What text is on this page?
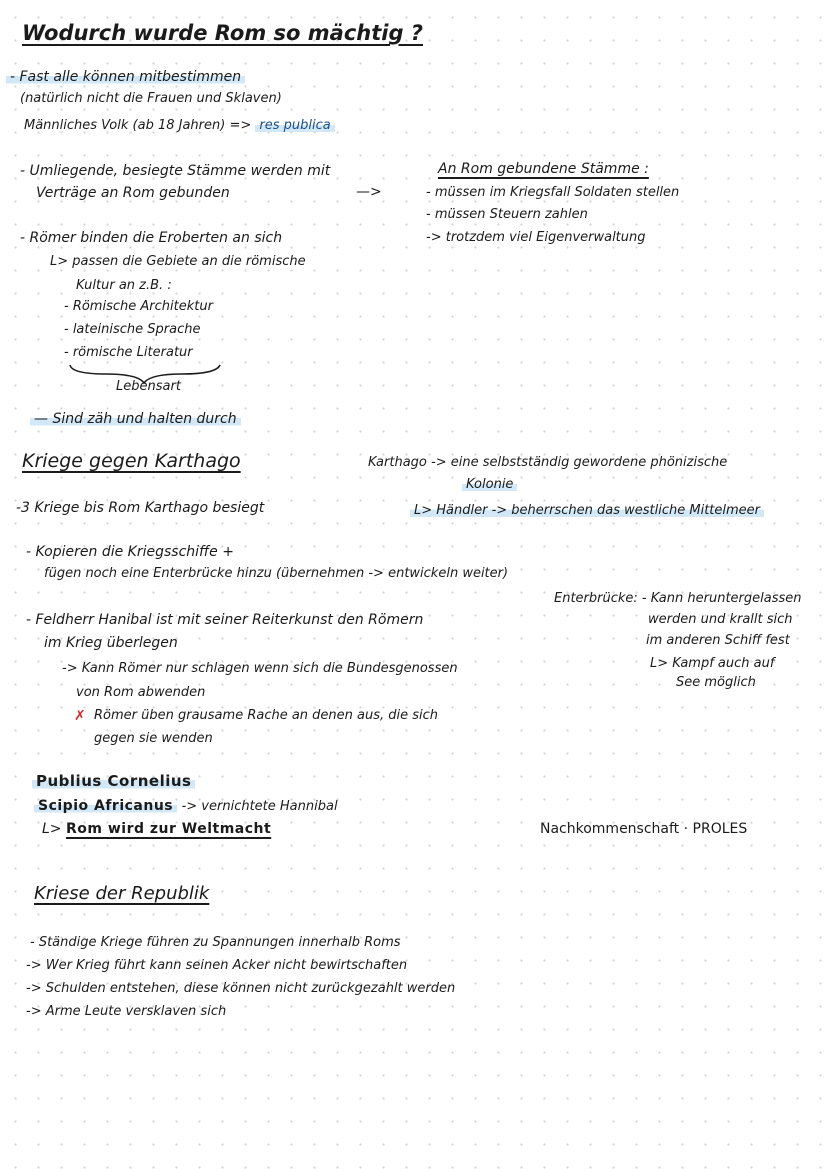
Wodurch wurde Rom so mächtig ?
- Fast alle können mitbestimmen
(natürlich nicht die Frauen und Sklaven)
Männliches Volk (ab 18 Jahren) => res publica
- Umliegende, besiegte Stämme werden mit
Verträge an Rom gebunden	—>
An Rom gebundene Stämme :
- müssen im Kriegsfall Soldaten stellen
- müssen Steuern zahlen
-> trotzdem viel Eigenverwaltung
- Römer binden die Eroberten an sich
L> passen die Gebiete an die römische
Kultur an z.B. :
- Römische Architektur
- lateinische Sprache
- römische Literatur
Lebensart
— Sind zäh und halten durch
Kriege gegen Karthago	Karthago -> eine selbstständig gewordene phönizische
Kolonie
L> Händler -> beherrschen das westliche Mittelmeer
-3 Kriege bis Rom Karthago besiegt
- Kopieren die Kriegsschiffe +
fügen noch eine Enterbrücke hinzu (übernehmen -> entwickeln weiter)
Enterbrücke: - Kann heruntergelassen
werden und krallt sich
im anderen Schiff fest
L> Kampf auch auf
See möglich
- Feldherr Hanibal ist mit seiner Reiterkunst den Römern
im Krieg überlegen
-> Kann Römer nur schlagen wenn sich die Bundesgenossen
von Rom abwenden
✗ Römer üben grausame Rache an denen aus, die sich
gegen sie wenden
Publius Cornelius
Scipio Africanus -> vernichtete Hannibal
L> Rom wird zur Weltmacht	Nachkommenschaft · PROLES
Kriese der Republik
- Ständige Kriege führen zu Spannungen innerhalb Roms
-> Wer Krieg führt kann seinen Acker nicht bewirtschaften
-> Schulden entstehen, diese können nicht zurückgezahlt werden
-> Arme Leute versklaven sich
